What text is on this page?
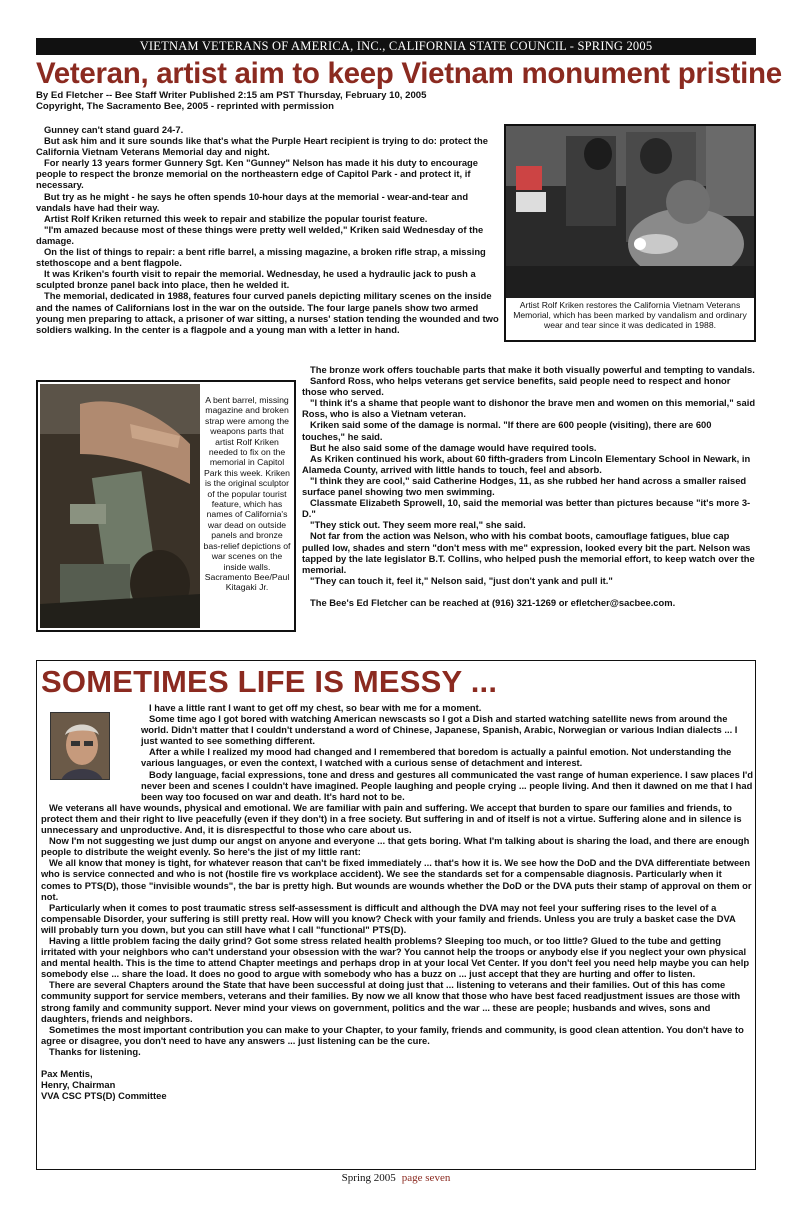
VIETNAM VETERANS OF AMERICA, INC., CALIFORNIA STATE COUNCIL - SPRING 2005
Veteran, artist aim to keep Vietnam monument pristine
By Ed Fletcher -- Bee Staff Writer Published 2:15 am PST Thursday, February 10, 2005
Copyright, The Sacramento Bee, 2005 - reprinted with permission

Gunney can't stand guard 24-7.

But ask him and it sure sounds like that's what the Purple Heart recipient is trying to do: protect the California Vietnam Veterans Memorial day and night.

For nearly 13 years former Gunnery Sgt. Ken "Gunney" Nelson has made it his duty to encourage people to respect the bronze memorial on the northeastern edge of Capitol Park - and protect it, if necessary.

But try as he might - he says he often spends 10-hour days at the memorial - wear-and-tear and vandals have had their way.

Artist Rolf Kriken returned this week to repair and stabilize the popular tourist feature.

"I'm amazed because most of these things were pretty well welded," Kriken said Wednesday of the damage.

On the list of things to repair: a bent rifle barrel, a missing magazine, a broken rifle strap, a missing stethoscope and a bent flagpole.

It was Kriken's fourth visit to repair the memorial. Wednesday, he used a hydraulic jack to push a sculpted bronze panel back into place, then he welded it.

The memorial, dedicated in 1988, features four curved panels depicting military scenes on the inside and the names of Californians lost in the war on the outside. The four large panels show two armed young men preparing to attack, a prisoner of war sitting, a nurses' station tending the wounded and two soldiers walking. In the center is a flagpole and a young man with a letter in hand.

Artist Rolf Kriken restores the California Vietnam Veterans Memorial, which has been marked by vandalism and ordinary wear and tear since it was dedicated in 1988.
A bent barrel, missing magazine and broken strap were among the weapons parts that artist Rolf Kriken needed to fix on the memorial in Capitol Park this week. Kriken is the original sculptor of the popular tourist feature, which has names of California's war dead on outside panels and bronze bas-relief depictions of war scenes on the inside walls. Sacramento Bee/Paul Kitagaki Jr.

The bronze work offers touchable parts that make it both visually powerful and tempting to vandals.

Sanford Ross, who helps veterans get service benefits, said people need to respect and honor those who served.

"I think it's a shame that people want to dishonor the brave men and women on this memorial," said Ross, who is also a Vietnam veteran.

Kriken said some of the damage is normal. "If there are 600 people (visiting), there are 600 touches," he said.

But he also said some of the damage would have required tools.

As Kriken continued his work, about 60 fifth-graders from Lincoln Elementary School in Newark, in Alameda County, arrived with little hands to touch, feel and absorb.

"I think they are cool," said Catherine Hodges, 11, as she rubbed her hand across a smaller raised surface panel showing two men swimming.

Classmate Elizabeth Sprowell, 10, said the memorial was better than pictures because "it's more 3-D."

"They stick out. They seem more real," she said.

Not far from the action was Nelson, who with his combat boots, camouflage fatigues, blue cap pulled low, shades and stern "don't mess with me" expression, looked every bit the part. Nelson was tapped by the late legislator B.T. Collins, who helped push the memorial effort, to keep watch over the memorial.

"They can touch it, feel it," Nelson said, "just don't yank and pull it."

The Bee's Ed Fletcher can be reached at (916) 321-1269 or efletcher@sacbee.com.

SOMETIMES LIFE IS MESSY ...

I have a little rant I want to get off my chest, so bear with me for a moment.

Some time ago I got bored with watching American newscasts so I got a Dish and started watching satellite news from around the world. Didn't matter that I couldn't understand a word of Chinese, Japanese, Spanish, Arabic, Norwegian or various Indian dialects ... I just wanted to see something different.

After a while I realized my mood had changed and I remembered that boredom is actually a painful emotion. Not understanding the various languages, or even the context, I watched with a curious sense of detachment and interest.

Body language, facial expressions, tone and dress and gestures all communicated the vast range of human experience. I saw places I'd never been and scenes I couldn't have imagined. People laughing and people crying ... people living. And then it dawned on me that I had been way too focused on war and death. It's hard not to be.

We veterans all have wounds, physical and emotional. We are familiar with pain and suffering. We accept that burden to spare our families and friends, to protect them and their right to live peacefully (even if they don't) in a free society. But suffering in and of itself is not a virtue. Suffering alone and in silence is unnecessary and unproductive. And, it is disrespectful to those who care about us.

Now I'm not suggesting we just dump our angst on anyone and everyone ... that gets boring. What I'm talking about is sharing the load, and there are enough people to distribute the weight evenly. So here's the jist of my little rant:

We all know that money is tight, for whatever reason that can't be fixed immediately ... that's how it is. We see how the DoD and the DVA differentiate between who is service connected and who is not (hostile fire vs workplace accident). We see the standards set for a compensable diagnosis. Particularly when it comes to PTS(D), those "invisible wounds", the bar is pretty high. But wounds are wounds whether the DoD or the DVA puts their stamp of approval on them or not.

Particularly when it comes to post traumatic stress self-assessment is difficult and although the DVA may not feel your suffering rises to the level of a compensable Disorder, your suffering is still pretty real. How will you know? Check with your family and friends. Unless you are truly a basket case the DVA will probably turn you down, but you can still have what I call "functional" PTS(D).

Having a little problem facing the daily grind? Got some stress related health problems? Sleeping too much, or too little? Glued to the tube and getting irritated with your neighbors who can't understand your obsession with the war? You cannot help the troops or anybody else if you neglect your own physical and mental health. This is the time to attend Chapter meetings and perhaps drop in at your local Vet Center. If you don't feel you need help maybe you can help somebody else ... share the load. It does no good to argue with somebody who has a buzz on ... just accept that they are hurting and offer to listen.

There are several Chapters around the State that have been successful at doing just that ... listening to veterans and their families. Out of this has come community support for service members, veterans and their families. By now we all know that those who have best faced readjustment issues are those with strong family and community support. Never mind your views on government, politics and the war ... these are people; husbands and wives, sons and daughters, friends and neighbors.

Sometimes the most important contribution you can make to your Chapter, to your family, friends and community, is good clean attention. You don't have to agree or disagree, you don't need to have any answers ... just listening can be the cure.

Thanks for listening.

Pax Mentis,
Henry, Chairman
VVA CSC PTS(D) Committee

Spring 2005 page seven
